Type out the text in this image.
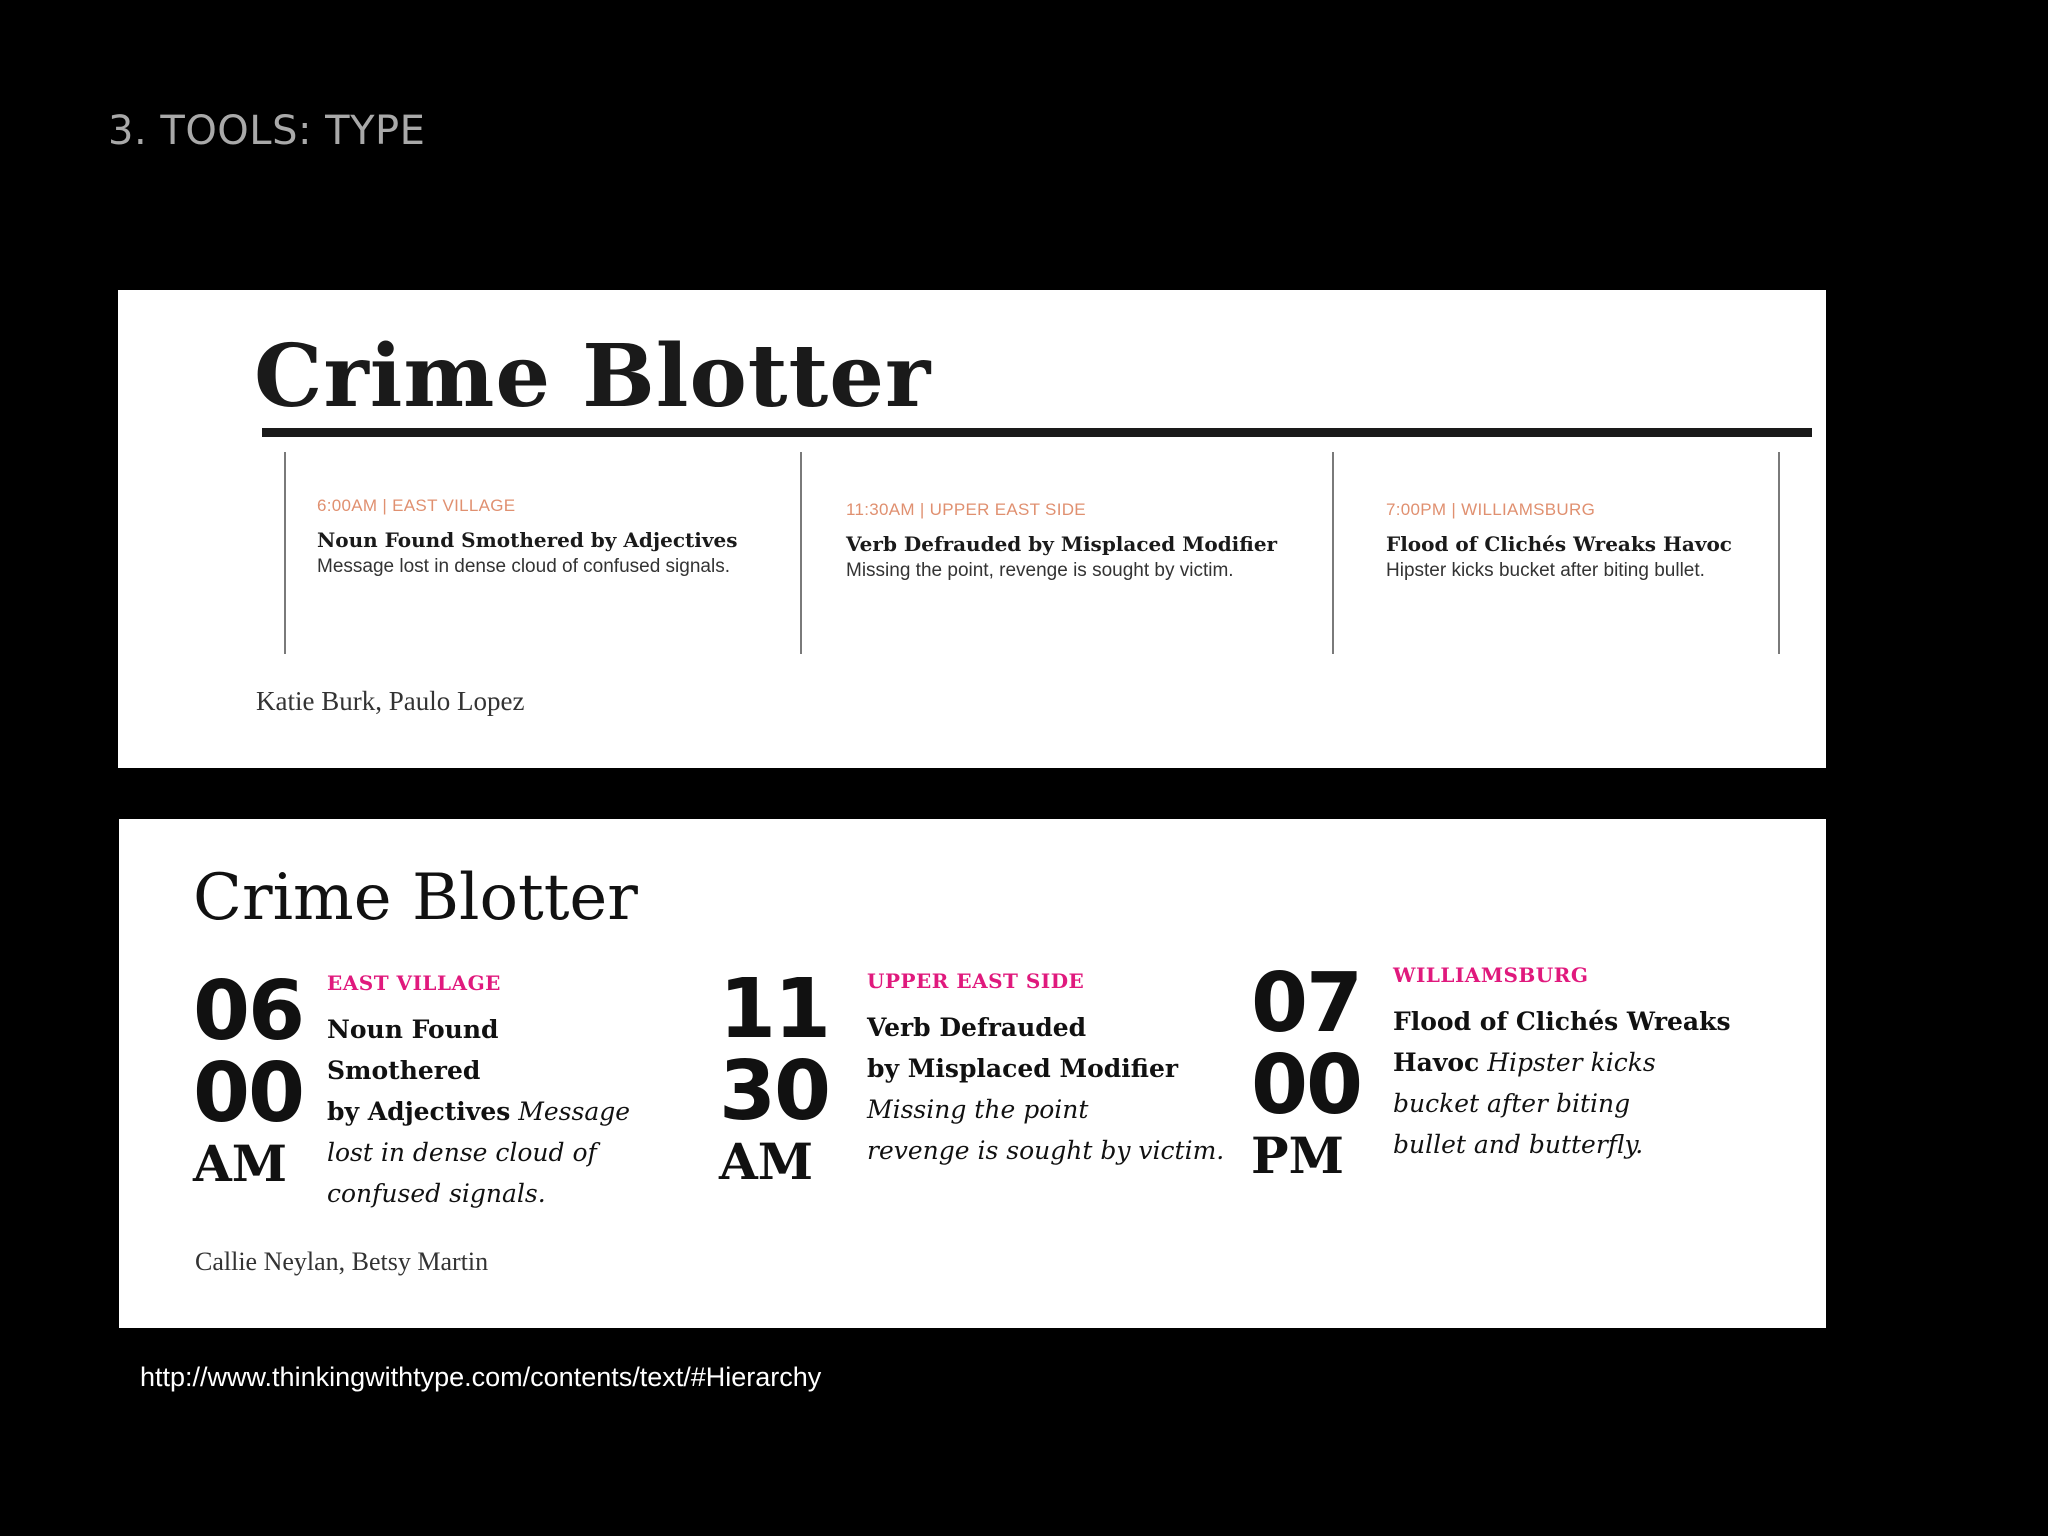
3. TOOLS: TYPE
Crime Blotter
6:00AM | EAST VILLAGE
Noun Found Smothered by Adjectives
Message lost in dense cloud of confused signals.
11:30AM | UPPER EAST SIDE
Verb Defrauded by Misplaced Modifier
Missing the point, revenge is sought by victim.
7:00PM | WILLIAMSBURG
Flood of Clichés Wreaks Havoc
Hipster kicks bucket after biting bullet.
Katie Burk, Paulo Lopez
Crime Blotter
06
00
AM
EAST VILLAGE
Noun Found Smothered
by Adjectives Message
lost in dense cloud of
confused signals.
11
30
AM
UPPER EAST SIDE
Verb Defrauded
by Misplaced Modifier
Missing the point
revenge is sought by victim.
07
00
PM
WILLIAMSBURG
Flood of Clichés Wreaks
Havoc Hipster kicks
bucket after biting
bullet and butterfly.
Callie Neylan, Betsy Martin
http://www.thinkingwithtype.com/contents/text/#Hierarchy
